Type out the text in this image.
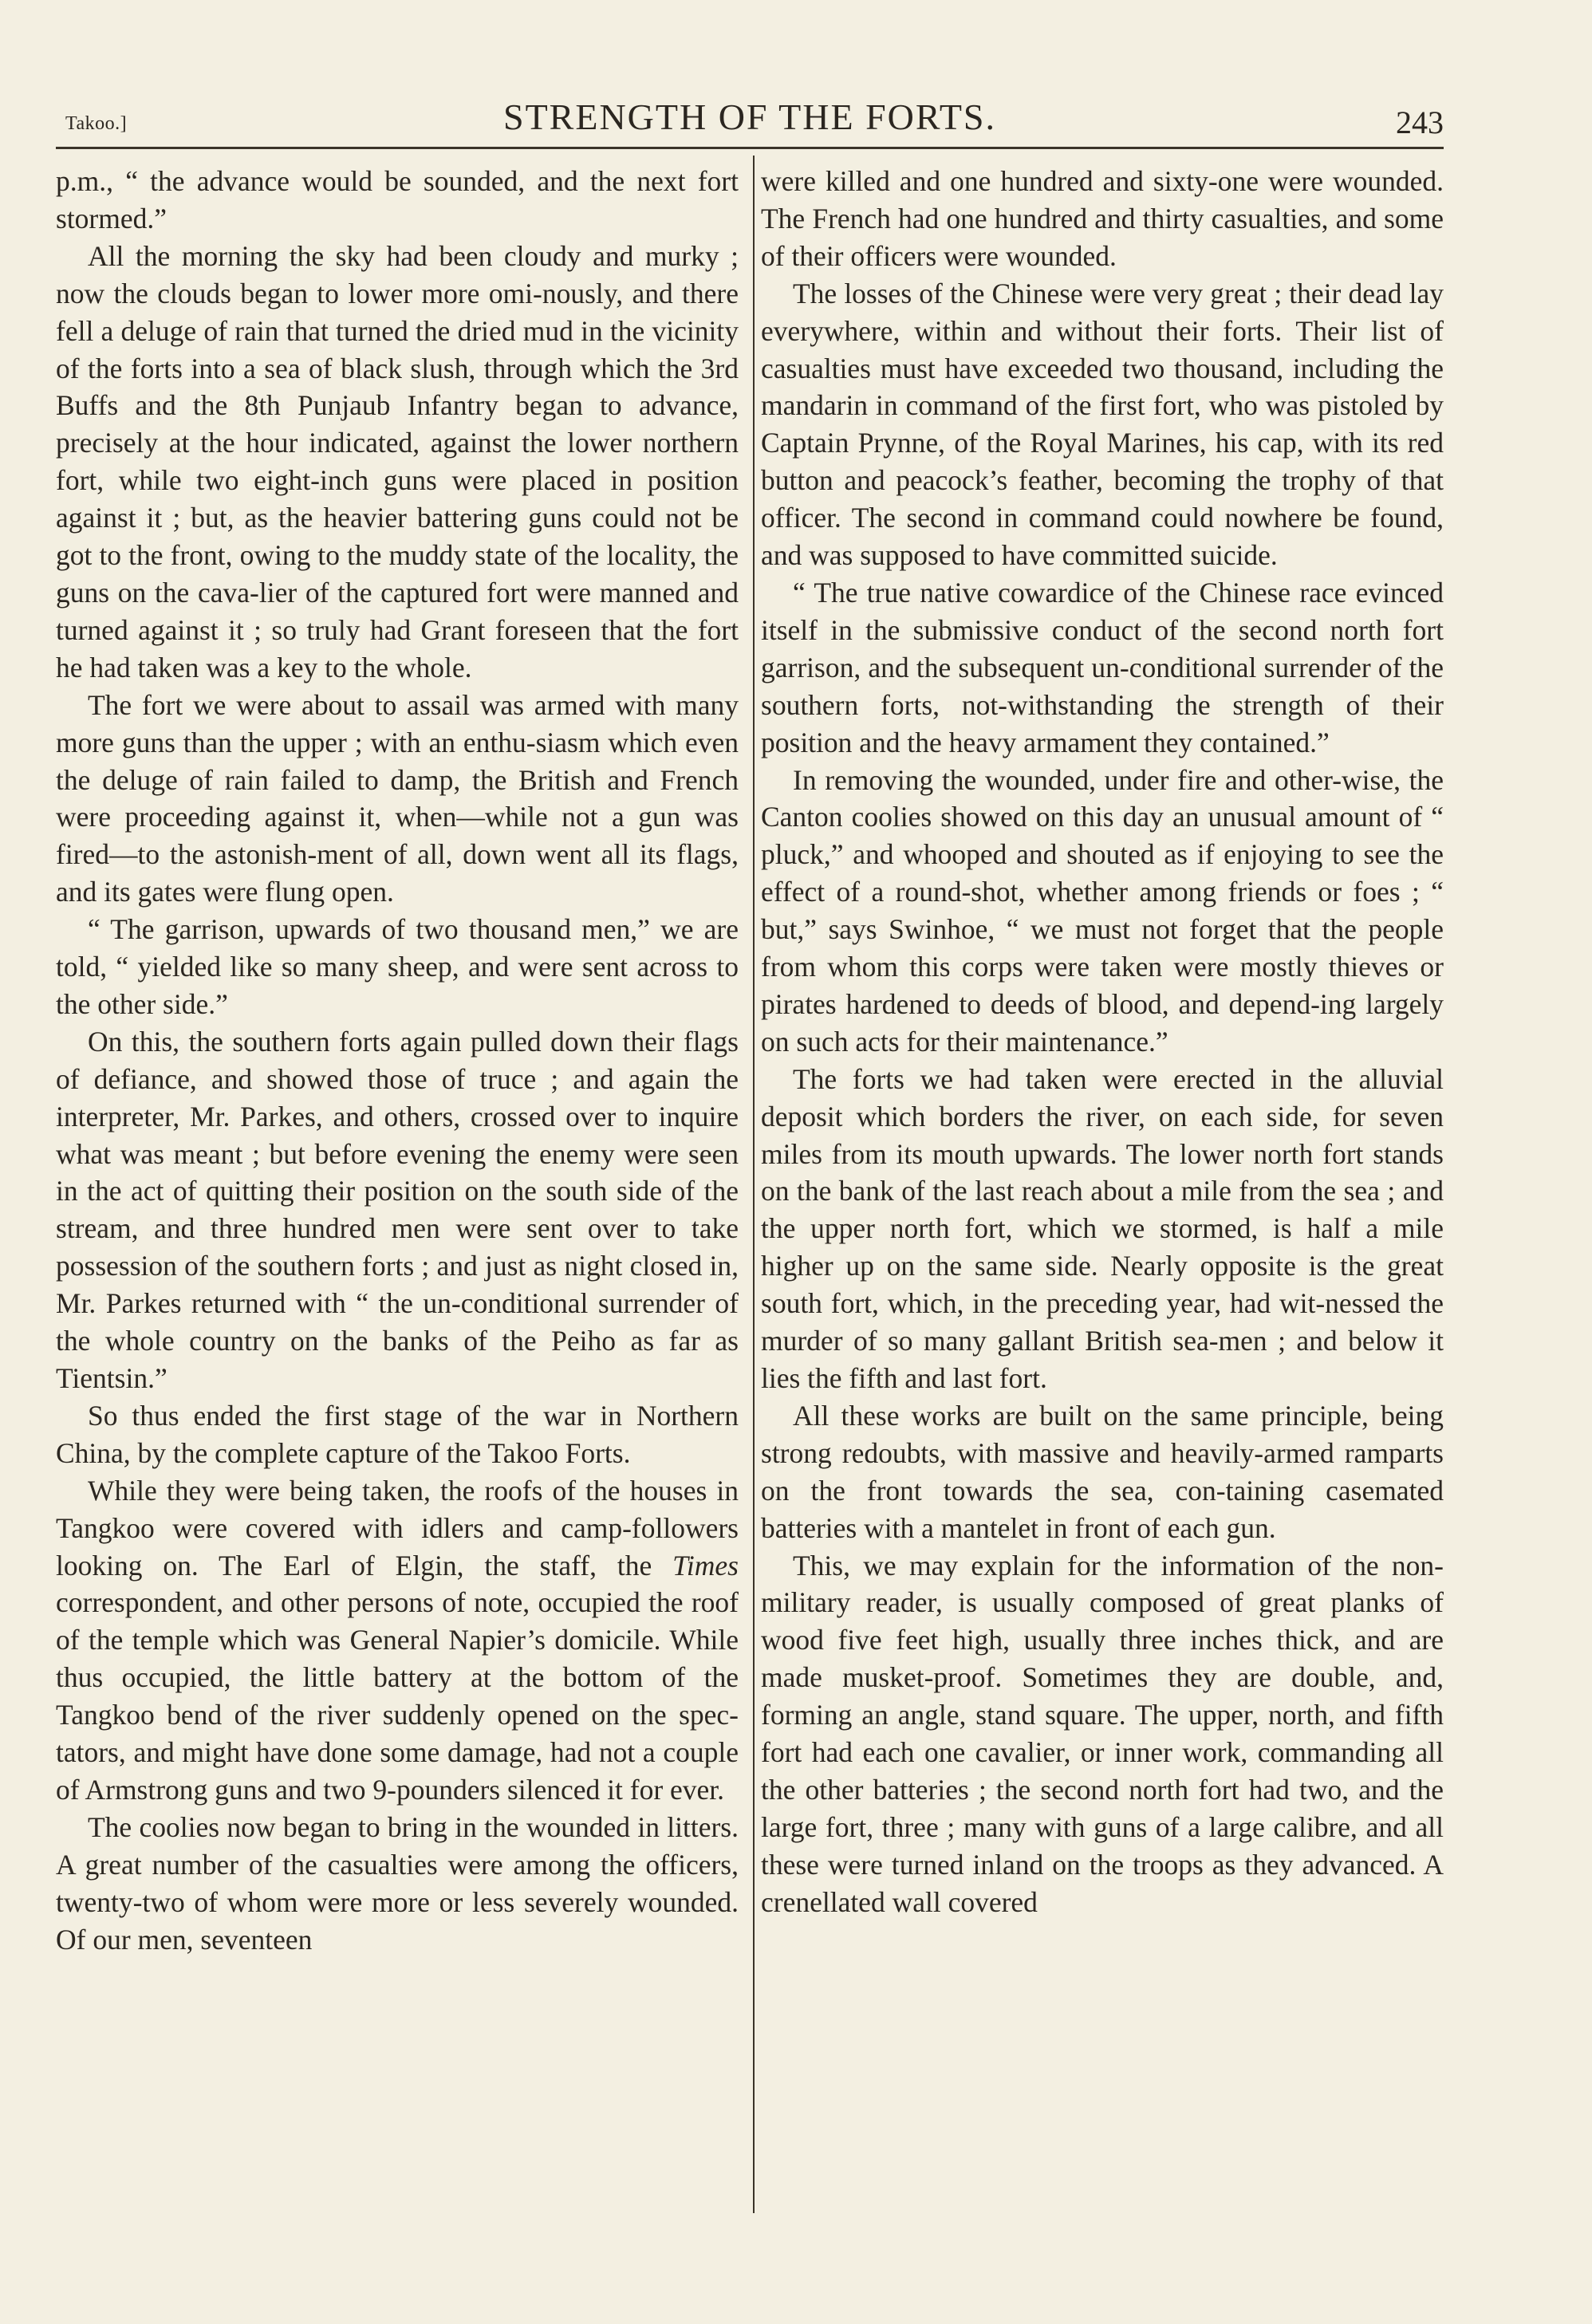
Takoo.]	STRENGTH OF THE FORTS.	243

p.m., “ the advance would be sounded, and the next fort stormed.”

All the morning the sky had been cloudy and murky ; now the clouds began to lower more omi-nously, and there fell a deluge of rain that turned the dried mud in the vicinity of the forts into a sea of black slush, through which the 3rd Buffs and the 8th Punjaub Infantry began to advance, precisely at the hour indicated, against the lower northern fort, while two eight-inch guns were placed in position against it ; but, as the heavier battering guns could not be got to the front, owing to the muddy state of the locality, the guns on the cava-lier of the captured fort were manned and turned against it ; so truly had Grant foreseen that the fort he had taken was a key to the whole.

The fort we were about to assail was armed with many more guns than the upper ; with an enthu-siasm which even the deluge of rain failed to damp, the British and French were proceeding against it, when—while not a gun was fired—to the astonish-ment of all, down went all its flags, and its gates were flung open.

“ The garrison, upwards of two thousand men,” we are told, “ yielded like so many sheep, and were sent across to the other side.”

On this, the southern forts again pulled down their flags of defiance, and showed those of truce ; and again the interpreter, Mr. Parkes, and others, crossed over to inquire what was meant ; but before evening the enemy were seen in the act of quitting their position on the south side of the stream, and three hundred men were sent over to take possession of the southern forts ; and just as night closed in, Mr. Parkes returned with “ the un-conditional surrender of the whole country on the banks of the Peiho as far as Tientsin.”

So thus ended the first stage of the war in Northern China, by the complete capture of the Takoo Forts.

While they were being taken, the roofs of the houses in Tangkoo were covered with idlers and camp-followers looking on. The Earl of Elgin, the staff, the Times correspondent, and other persons of note, occupied the roof of the temple which was General Napier’s domicile. While thus occupied, the little battery at the bottom of the Tangkoo bend of the river suddenly opened on the spec-tators, and might have done some damage, had not a couple of Armstrong guns and two 9-pounders silenced it for ever.

The coolies now began to bring in the wounded in litters. A great number of the casualties were among the officers, twenty-two of whom were more or less severely wounded. Of our men, seventeen

were killed and one hundred and sixty-one were wounded. The French had one hundred and thirty casualties, and some of their officers were wounded.

The losses of the Chinese were very great ; their dead lay everywhere, within and without their forts. Their list of casualties must have exceeded two thousand, including the mandarin in command of the first fort, who was pistoled by Captain Prynne, of the Royal Marines, his cap, with its red button and peacock’s feather, becoming the trophy of that officer. The second in command could nowhere be found, and was supposed to have committed suicide.

“ The true native cowardice of the Chinese race evinced itself in the submissive conduct of the second north fort garrison, and the subsequent un-conditional surrender of the southern forts, not-withstanding the strength of their position and the heavy armament they contained.”

In removing the wounded, under fire and other-wise, the Canton coolies showed on this day an unusual amount of “ pluck,” and whooped and shouted as if enjoying to see the effect of a round-shot, whether among friends or foes ; “ but,” says Swinhoe, “ we must not forget that the people from whom this corps were taken were mostly thieves or pirates hardened to deeds of blood, and depend-ing largely on such acts for their maintenance.”

The forts we had taken were erected in the alluvial deposit which borders the river, on each side, for seven miles from its mouth upwards. The lower north fort stands on the bank of the last reach about a mile from the sea ; and the upper north fort, which we stormed, is half a mile higher up on the same side. Nearly opposite is the great south fort, which, in the preceding year, had wit-nessed the murder of so many gallant British sea-men ; and below it lies the fifth and last fort.

All these works are built on the same principle, being strong redoubts, with massive and heavily-armed ramparts on the front towards the sea, con-taining casemated batteries with a mantelet in front of each gun.

This, we may explain for the information of the non-military reader, is usually composed of great planks of wood five feet high, usually three inches thick, and are made musket-proof. Sometimes they are double, and, forming an angle, stand square. The upper, north, and fifth fort had each one cavalier, or inner work, commanding all the other batteries ; the second north fort had two, and the large fort, three ; many with guns of a large calibre, and all these were turned inland on the troops as they advanced. A crenellated wall covered
